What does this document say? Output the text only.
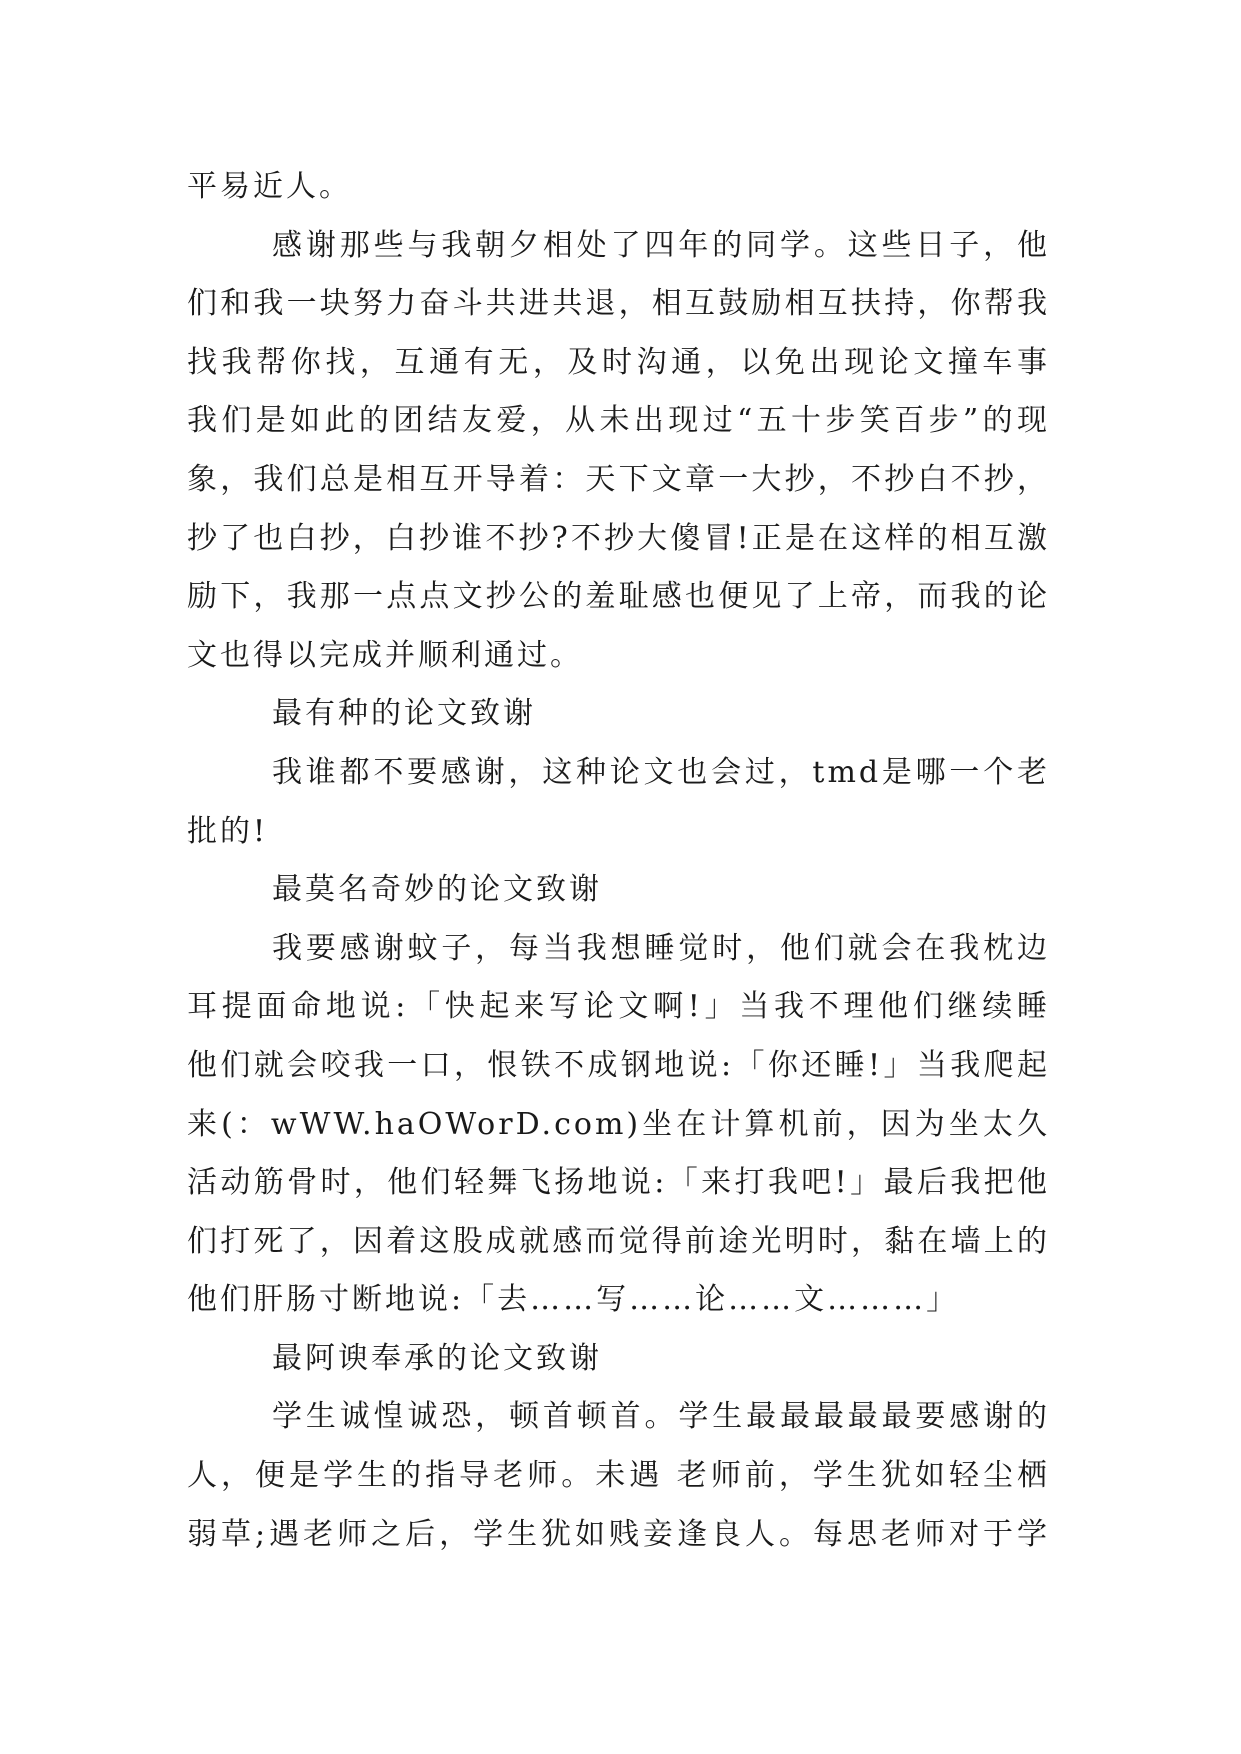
平易近人。
感谢那些与我朝夕相处了四年的同学。这些日子，他
们和我一块努力奋斗共进共退，相互鼓励相互扶持，你帮我
找我帮你找，互通有无，及时沟通，以免出现论文撞车事
我们是如此的团结友爱，从未出现过“五十步笑百步”的现
象，我们总是相互开导着：天下文章一大抄，不抄白不抄，
抄了也白抄，白抄谁不抄?不抄大傻冒!正是在这样的相互激
励下，我那一点点文抄公的羞耻感也便见了上帝，而我的论
文也得以完成并顺利通过。
最有种的论文致谢
我谁都不要感谢，这种论文也会过，tmd是哪一个老
批的!
最莫名奇妙的论文致谢
我要感谢蚊子，每当我想睡觉时，他们就会在我枕边
耳提面命地说:「快起来写论文啊!」当我不理他们继续睡
他们就会咬我一口，恨铁不成钢地说:「你还睡!」当我爬起
来(：wWW.haOWorD.com)坐在计算机前，因为坐太久
活动筋骨时，他们轻舞飞扬地说:「来打我吧!」最后我把他
们打死了，因着这股成就感而觉得前途光明时，黏在墙上的
他们肝肠寸断地说:「去……写……论……文………」
最阿谀奉承的论文致谢
学生诚惶诚恐，顿首顿首。学生最最最最最要感谢的
人，便是学生的指导老师。未遇 老师前，学生犹如轻尘栖
弱草;遇老师之后，学生犹如贱妾逢良人。每思老师对于学
